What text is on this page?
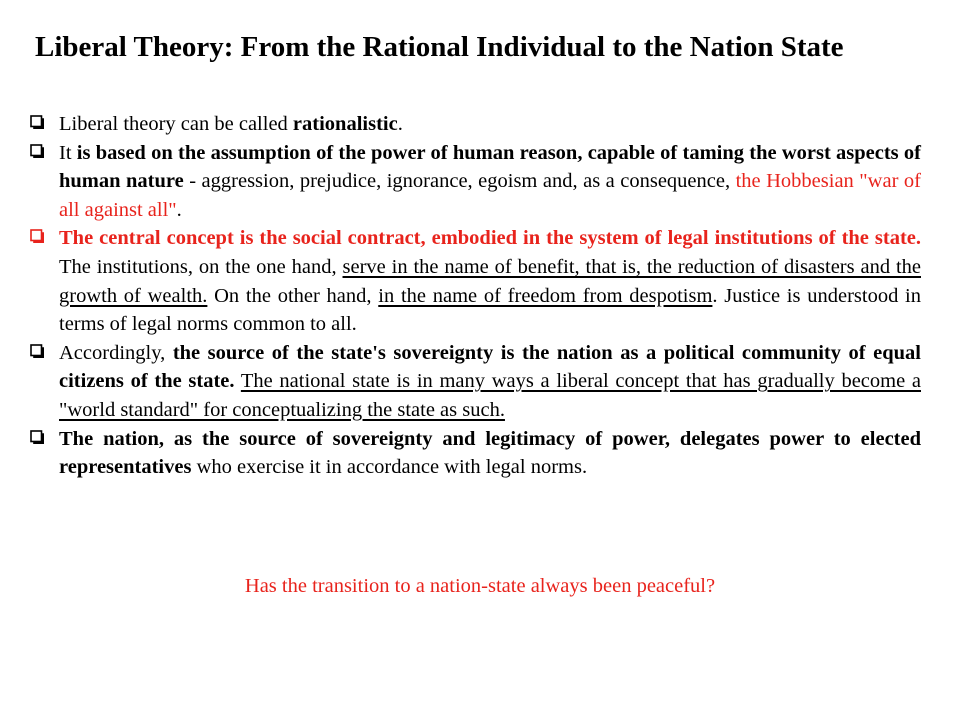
Liberal Theory: From the Rational Individual to the Nation State
Liberal theory can be called rationalistic.
It is based on the assumption of the power of human reason, capable of taming the worst aspects of human nature - aggression, prejudice, ignorance, egoism and, as a consequence, the Hobbesian "war of all against all".
The central concept is the social contract, embodied in the system of legal institutions of the state. The institutions, on the one hand, serve in the name of benefit, that is, the reduction of disasters and the growth of wealth. On the other hand, in the name of freedom from despotism. Justice is understood in terms of legal norms common to all.
Accordingly, the source of the state's sovereignty is the nation as a political community of equal citizens of the state. The national state is in many ways a liberal concept that has gradually become a "world standard" for conceptualizing the state as such.
The nation, as the source of sovereignty and legitimacy of power, delegates power to elected representatives who exercise it in accordance with legal norms.
Has the transition to a nation-state always been peaceful?
